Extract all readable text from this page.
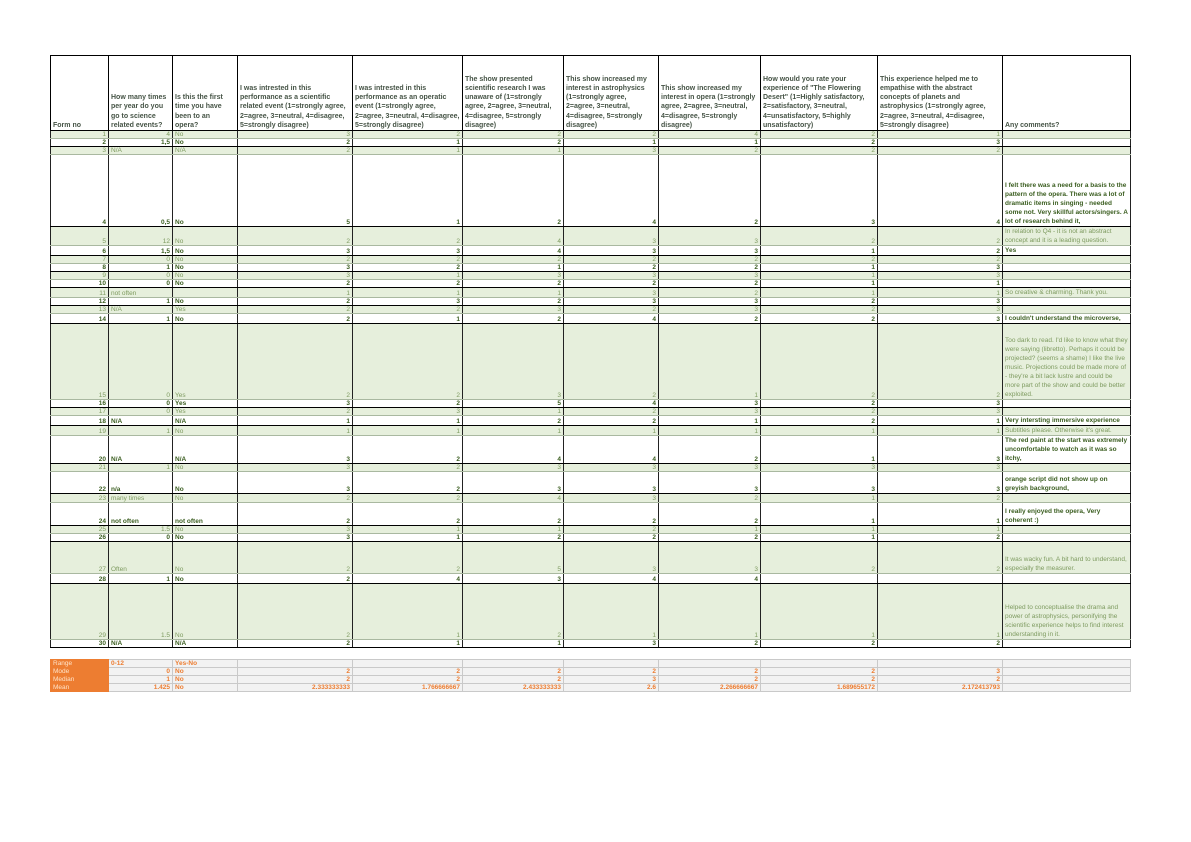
Form no	How many times per year do you go to science related events?	Is this the first time you have been to an opera?	I was intrested in this performance as a scientific related event (1=strongly agree, 2=agree, 3=neutral, 4=disagree, 5=strongly disagree)	I was intrested in this performance as an operatic event (1=strongly agree, 2=agree, 3=neutral, 4=disagree, 5=strongly disagree)	The show presented scientific research I was unaware of (1=strongly agree, 2=agree, 3=neutral, 4=disagree, 5=strongly disagree)	This show increased my interest in astrophysics (1=strongly agree, 2=agree, 3=neutral, 4=disagree, 5=strongly disagree)	This show increased my interest in opera (1=strongly agree, 2=agree, 3=neutral, 4=disagree, 5=strongly disagree)	How would you rate your experience of "The Flowering Desert" (1=Highly satisfactory, 2=satisfactory, 3=neutral, 4=unsatisfactory, 5=highly unsatisfactory)	This experience helped me to empathise with the abstract concepts of planets and astrophysics (1=strongly agree, 2=agree, 3=neutral, 4=disagree, 5=strongly disagree)	Any comments?
1	4	No	3	2	2	2	4	2	1	
2	1,5	No	2	1	2	1	1	2	3	
3	N/A	N/A	2	1	1	3	2	2	2	
4	0,5	No	5	1	2	4	2	3	4	I felt there was a need for a basis to the pattern of the opera. There was a lot of dramatic items in singing - needed some not. Very skillful actors/singers. A lot of research behind it,
5	12	No	2	2	4	3	3	2	2	In relation to Q4 - it is not an abstract concept and it is a leading question.
6	1,5	No	3	3	4	3	3	1	2	Yes
7	0	No	2	2	2	2	2	2	2	
8	1	No	3	2	1	2	2	1	3	
9	0	No	3	1	3	3	3	1	3	
10	0	No	2	2	2	2	2	1	1	
11	not often		1	1	1	3	2	1	1	So creative & charming. Thank you.
12	1	No	2	3	2	3	3	2	3	
13	N/A	Yes	2	2	3	2	3	2	3	
14	1	No	2	1	2	4	2	2	3	I couldn't understand the microverse,
15	0	Yes	2	2	3	2	1	2	2	Too dark to read. I'd like to know what they were saying (libretto). Perhaps it could be projected? (seems a shame) I like the live music. Projections could be made more of - they're a bit lack lustre and could be more part of the show and could be better exploited.
16	0	Yes	3	2	5	4	3	2	3	
17	0	Yes	2	3	1	2	3	2	3	
18	N/A	N/A	1	1	2	2	1	2	1	Very intersting immersive experience
19	1	No	1	1	1	1	1	1	1	Subtitles please. Otherwise it's great.
20	N/A	N/A	3	2	4	4	2	1	3	The red paint at the start was extremely uncomfortable to watch as it was so itchy,
21	1	No	3	2	3	3	3	3	3	
22	n/a	No	3	2	3	3	3	3	3	orange script did not show up on greyish background,
23	many times	No	2	2	4	3	2	1	2	
24	not often	not often	2	2	2	2	2	1	1	I really enjoyed the opera, Very coherent :)
25	1.5	No	3	1	1	2	1	1	1	
26	0	No	3	1	2	2	2	1	2	
27	Often	No	2	2	5	3	3	2	2	It was wacky fun. A bit hard to understand, especially the measurer.
28	1	No	2	4	3	4	4			
29	1.5	No	2	1	2	1	1	1	1	Helped to conceptualise the drama and power of astrophysics, personifying the scientific experience helps to find interest understanding in it.
30	N/A	N/A	2	1	1	3	2	2	2	

Range	0-12	Yes-No								
Mode	0	No	2	2	2	2	2	2	3	
Median	1	No	2	2	2	3	2	2	2	
Mean	1.425	No	2.333333333	1.766666667	2.433333333	2.6	2.266666667	1.689655172	2.172413793	
